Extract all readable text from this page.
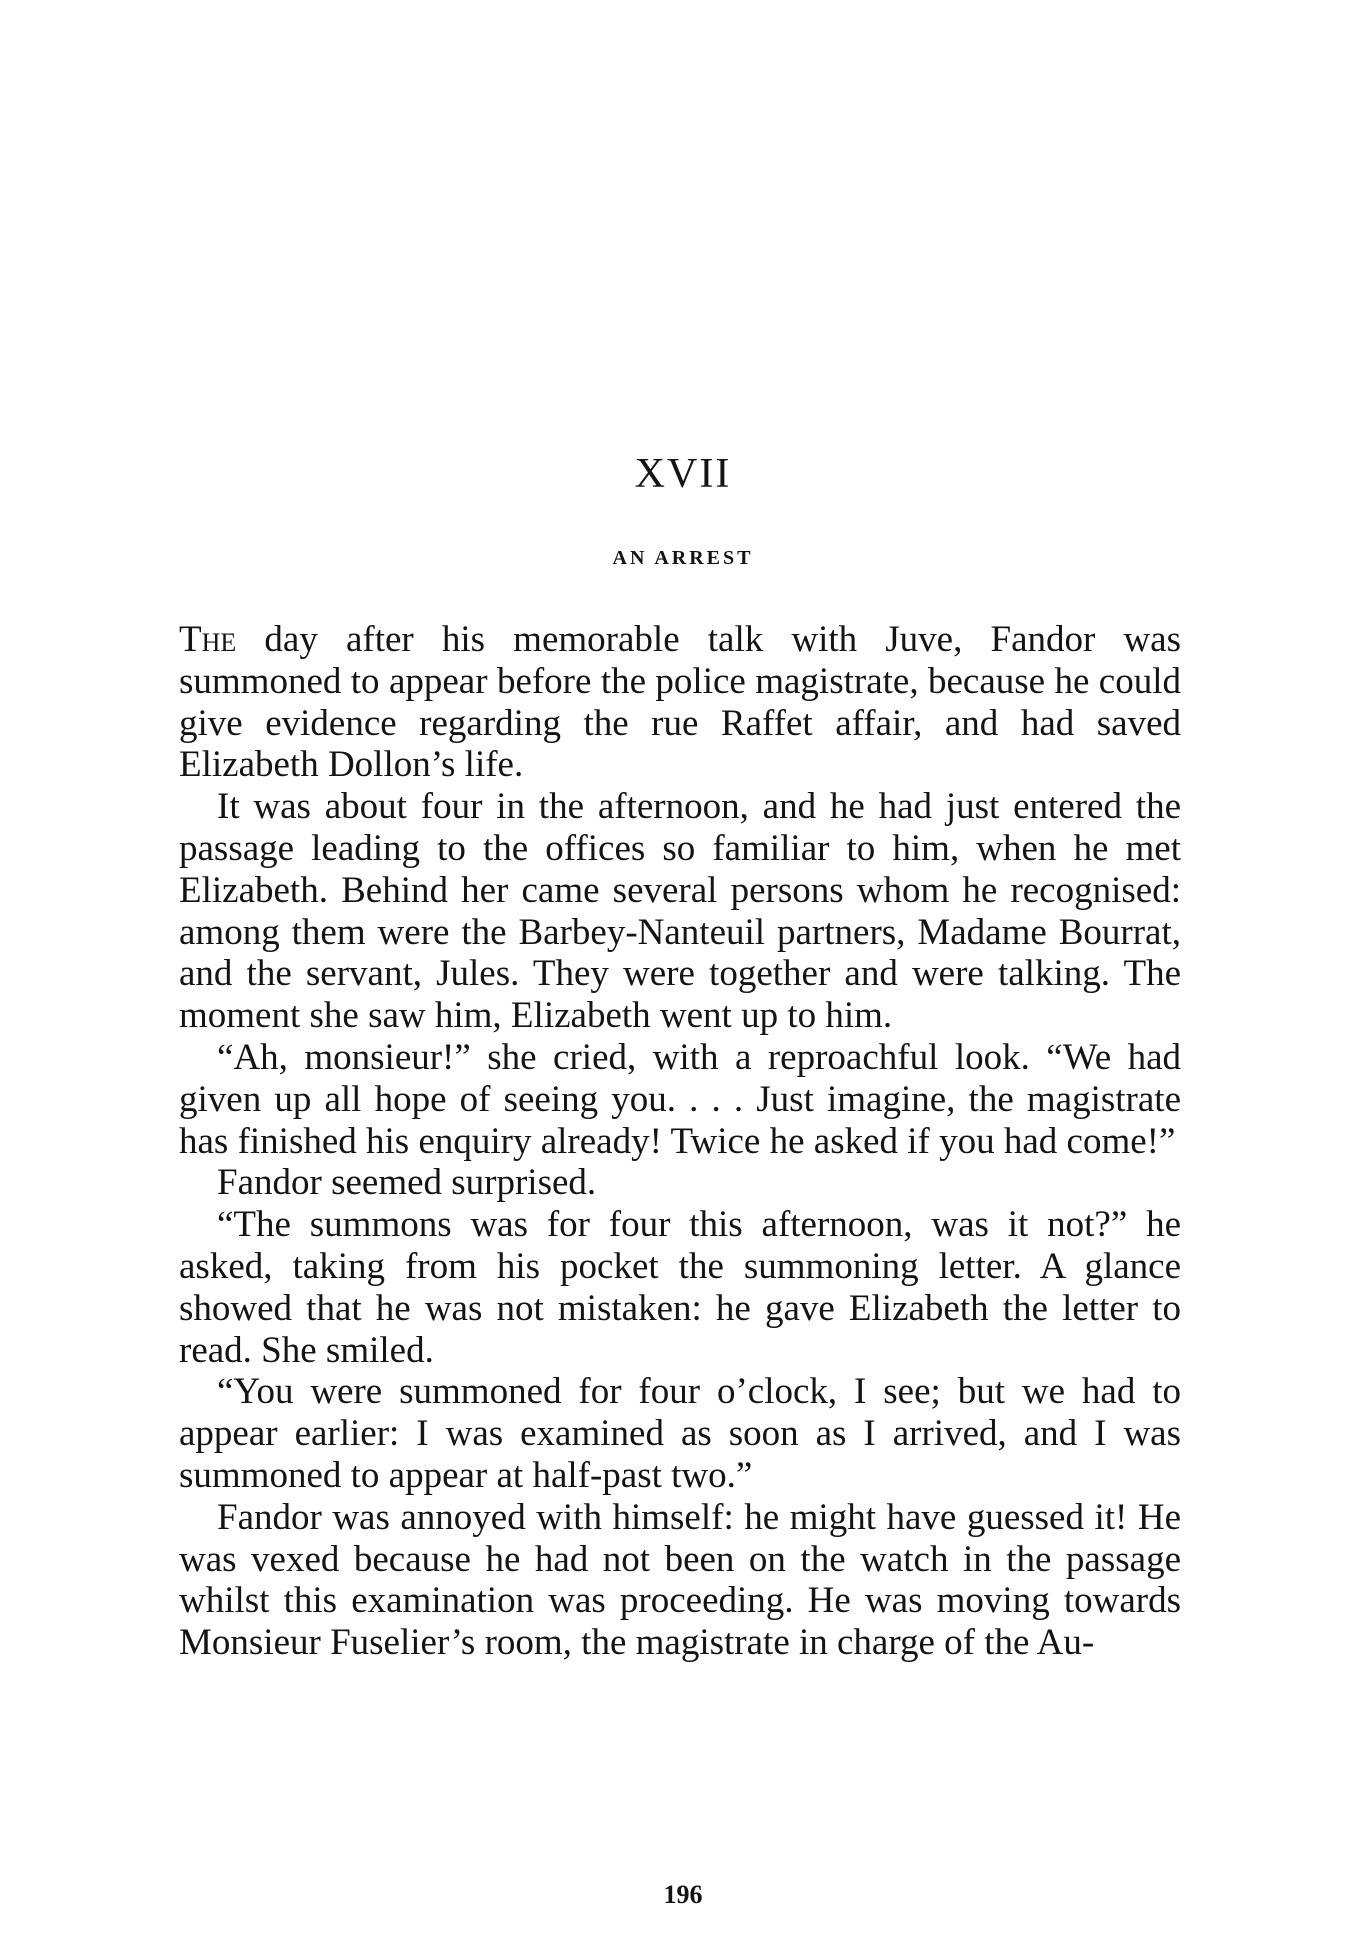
XVII
AN ARREST

The day after his memorable talk with Juve, Fandor was summoned to appear before the police magistrate, because he could give evidence regarding the rue Raffet affair, and had saved Elizabeth Dollon’s life.

It was about four in the afternoon, and he had just entered the passage leading to the offices so familiar to him, when he met Elizabeth. Behind her came several persons whom he recognised: among them were the Barbey-Nanteuil partners, Madame Bourrat, and the servant, Jules. They were together and were talking. The moment she saw him, Elizabeth went up to him.

“Ah, monsieur!” she cried, with a reproachful look. “We had given up all hope of seeing you. . . . Just imagine, the magistrate has finished his enquiry already! Twice he asked if you had come!”

Fandor seemed surprised.

“The summons was for four this afternoon, was it not?” he asked, taking from his pocket the summoning letter. A glance showed that he was not mistaken: he gave Elizabeth the letter to read. She smiled.

“You were summoned for four o’clock, I see; but we had to appear earlier: I was examined as soon as I arrived, and I was summoned to appear at half-past two.”

Fandor was annoyed with himself: he might have guessed it! He was vexed because he had not been on the watch in the passage whilst this examination was proceeding. He was moving towards Monsieur Fuselier’s room, the magistrate in charge of the Au-

196
